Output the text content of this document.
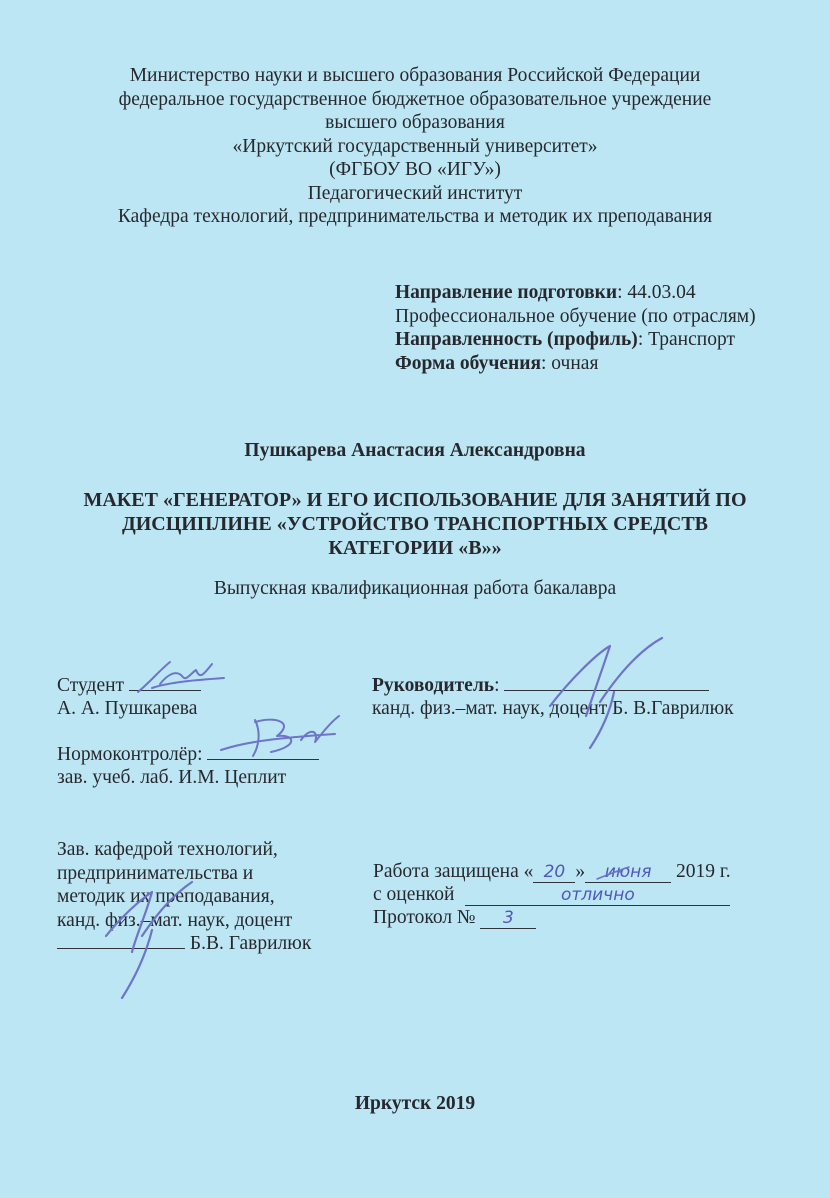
Министерство науки и высшего образования Российской Федерации
федеральное государственное бюджетное образовательное учреждение
высшего образования
«Иркутский государственный университет»
(ФГБОУ ВО «ИГУ»)
Педагогический институт
Кафедра технологий, предпринимательства и методик их преподавания
Направление подготовки: 44.03.04
Профессиональное обучение (по отраслям)
Направленность (профиль): Транспорт
Форма обучения: очная
Пушкарева Анастасия Александровна
МАКЕТ «ГЕНЕРАТОР» И ЕГО ИСПОЛЬЗОВАНИЕ ДЛЯ ЗАНЯТИЙ ПО
ДИСЦИПЛИНЕ «УСТРОЙСТВО ТРАНСПОРТНЫХ СРЕДСТВ
КАТЕГОРИИ «В»»
Выпускная квалификационная работа бакалавра
Студент
А. А. Пушкарева
Руководитель:
канд. физ.–мат. наук, доцент Б. В.Гаврилюк
Нормоконтролёр:
зав. учеб. лаб. И.М. Цеплит
Зав. кафедрой технологий,
предпринимательства и
методик их преподавания,
канд. физ.–мат. наук, доцент
Б.В. Гаврилюк
Работа защищена « 20 » июня 2019 г.
с оценкой	отлично
Протокол № 3
Иркутск 2019
